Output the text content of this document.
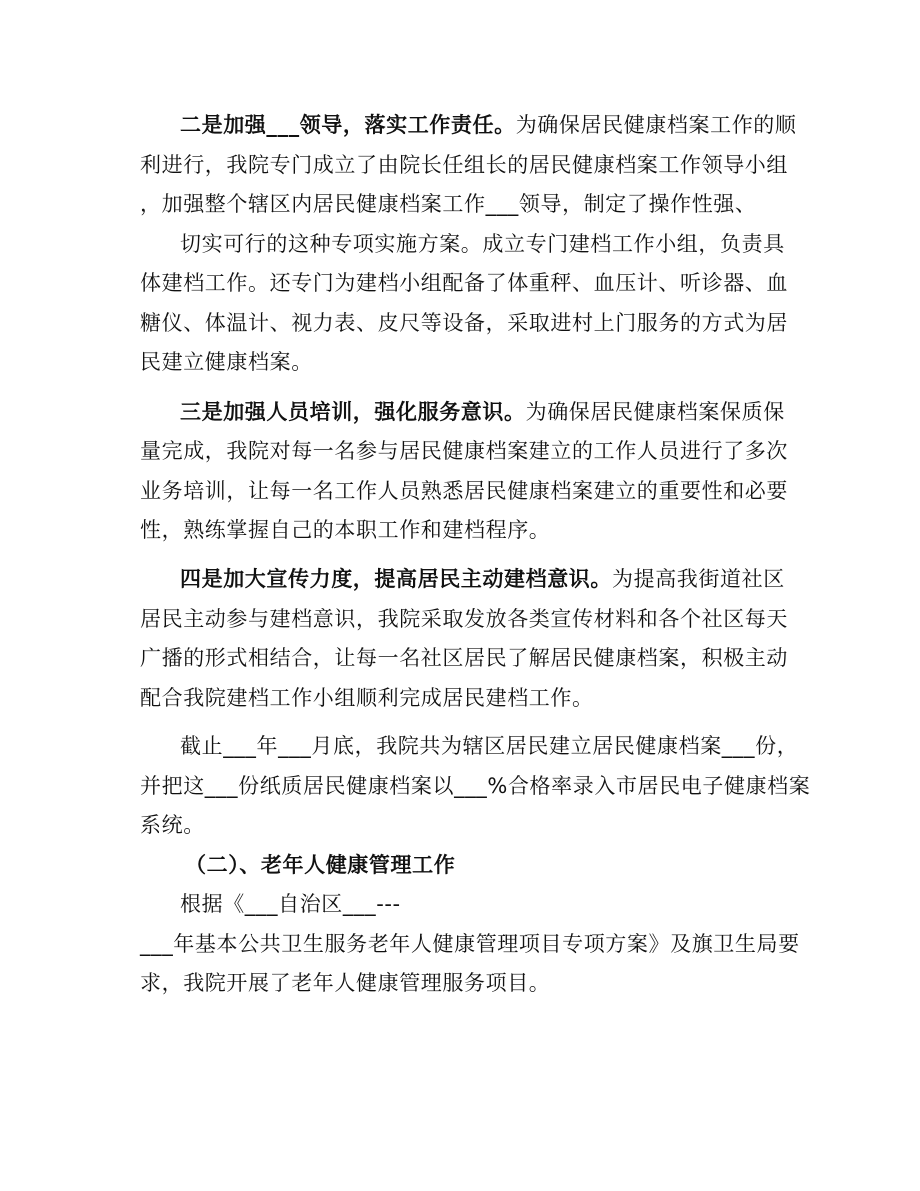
二是加强___领导，落实工作责任。为确保居民健康档案工作的顺
利进行，我院专门成立了由院长任组长的居民健康档案工作领导小组
，加强整个辖区内居民健康档案工作___领导，制定了操作性强、
切实可行的这种专项实施方案。成立专门建档工作小组，负责具
体建档工作。还专门为建档小组配备了体重秤、血压计、听诊器、血
糖仪、体温计、视力表、皮尺等设备，采取进村上门服务的方式为居
民建立健康档案。
三是加强人员培训，强化服务意识。为确保居民健康档案保质保
量完成，我院对每一名参与居民健康档案建立的工作人员进行了多次
业务培训，让每一名工作人员熟悉居民健康档案建立的重要性和必要
性，熟练掌握自己的本职工作和建档程序。
四是加大宣传力度，提高居民主动建档意识。为提高我街道社区
居民主动参与建档意识，我院采取发放各类宣传材料和各个社区每天
广播的形式相结合，让每一名社区居民了解居民健康档案，积极主动
配合我院建档工作小组顺利完成居民建档工作。
截止___年___月底，我院共为辖区居民建立居民健康档案___份，
并把这___份纸质居民健康档案以___%合格率录入市居民电子健康档案
系统。
（二）、老年人健康管理工作
根据《___自治区___---
___年基本公共卫生服务老年人健康管理项目专项方案》及旗卫生局要
求，我院开展了老年人健康管理服务项目。
